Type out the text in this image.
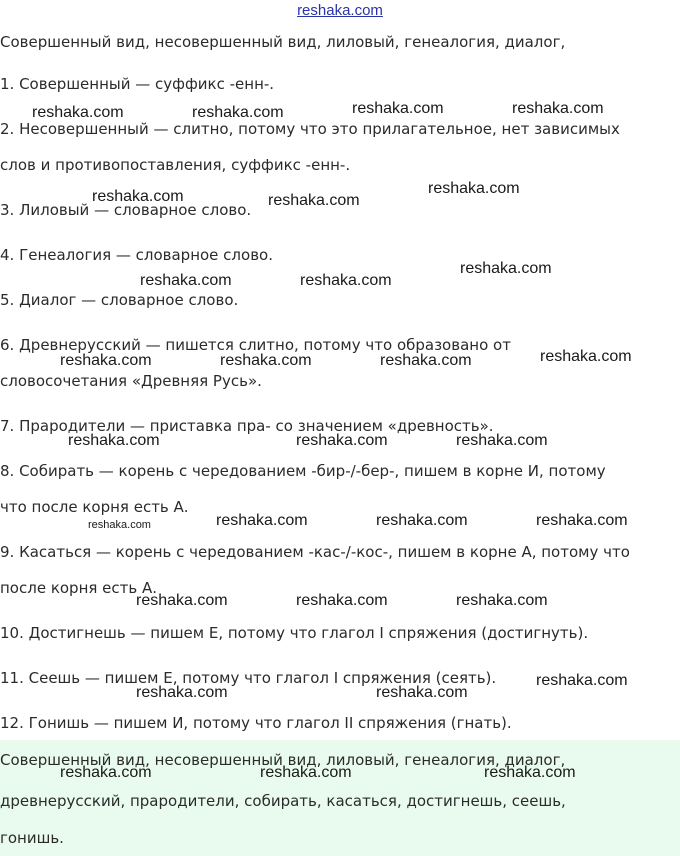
reshaka.com

Совершенный вид, несовершенный вид, лиловый, генеалогия, диалог,

1. Совершенный — суффикс -енн-.

2. Несовершенный — слитно, потому что это прилагательное, нет зависимых

слов и противопоставления, суффикс -енн-.

3. Лиловый — словарное слово.

4. Генеалогия — словарное слово.

5. Диалог — словарное слово.

6. Древнерусский — пишется слитно, потому что образовано от

словосочетания «Древняя Русь».

7. Прародители — приставка пра- со значением «древность».

8. Собирать — корень с чередованием -бир-/-бер-, пишем в корне И, потому

что после корня есть А.

9. Касаться — корень с чередованием -кас-/-кос-, пишем в корне А, потому что

после корня есть А.

10. Достигнешь — пишем Е, потому что глагол I спряжения (достигнуть).

11. Сеешь — пишем Е, потому что глагол I спряжения (сеять).

12. Гонишь — пишем И, потому что глагол II спряжения (гнать).

Совершенный вид, несовершенный вид, лиловый, генеалогия, диалог,

древнерусский, прародители, собирать, касаться, достигнешь, сеешь,

гонишь.

reshaka.com	reshaka.com	reshaka.com	reshaka.com
reshaka.com	reshaka.com
reshaka.com
reshaka.com	reshaka.com
reshaka.com
reshaka.com	reshaka.com	reshaka.com	reshaka.com
reshaka.com	reshaka.com	reshaka.com
reshaka.com	reshaka.com	reshaka.com	reshaka.com
reshaka.com	reshaka.com	reshaka.com
reshaka.com	reshaka.com
reshaka.com
reshaka.com	reshaka.com	reshaka.com
